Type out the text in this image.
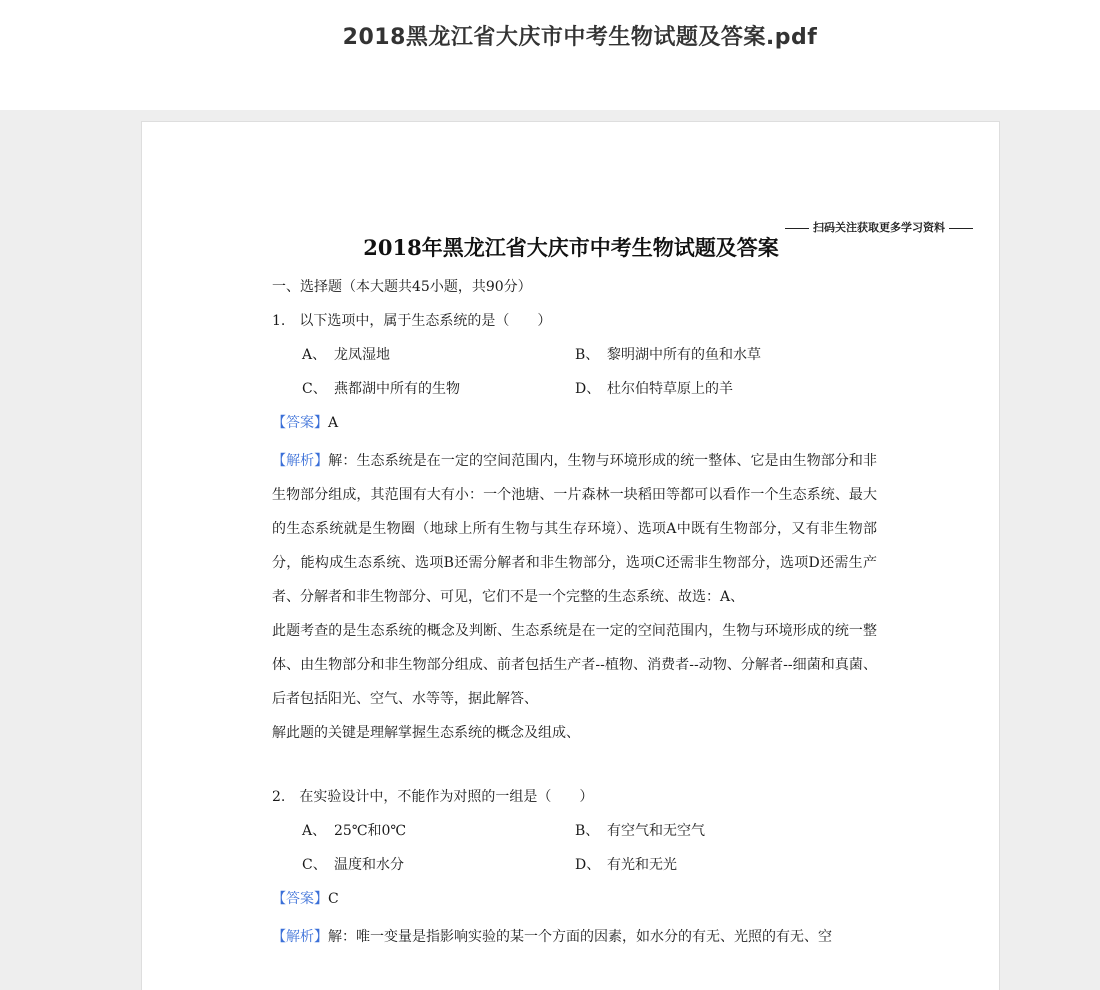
2018黑龙江省大庆市中考生物试题及答案.pdf
扫码关注获取更多学习资料
2018年黑龙江省大庆市中考生物试题及答案
一、选择题（本大题共45小题，共90分）
1. 以下选项中，属于生态系统的是（　　）
A、 龙凤湿地	B、 黎明湖中所有的鱼和水草
C、 燕都湖中所有的生物	D、 杜尔伯特草原上的羊
【答案】A
【解析】解：生态系统是在一定的空间范围内，生物与环境形成的统一整体、它是由生物部分和非生物部分组成，其范围有大有小：一个池塘、一片森林一块稻田等都可以看作一个生态系统、最大的生态系统就是生物圈（地球上所有生物与其生存环境）、选项A中既有生物部分，又有非生物部分，能构成生态系统、选项B还需分解者和非生物部分，选项C还需非生物部分，选项D还需生产者、分解者和非生物部分、可见，它们不是一个完整的生态系统、故选：A、
此题考查的是生态系统的概念及判断、生态系统是在一定的空间范围内，生物与环境形成的统一整体、由生物部分和非生物部分组成、前者包括生产者--植物、消费者--动物、分解者--细菌和真菌、后者包括阳光、空气、水等等，据此解答、
解此题的关键是理解掌握生态系统的概念及组成、
2. 在实验设计中，不能作为对照的一组是（　　）
A、 25℃和0℃	B、 有空气和无空气
C、 温度和水分	D、 有光和无光
【答案】C
【解析】解：唯一变量是指影响实验的某一个方面的因素，如水分的有无、光照的有无、空
